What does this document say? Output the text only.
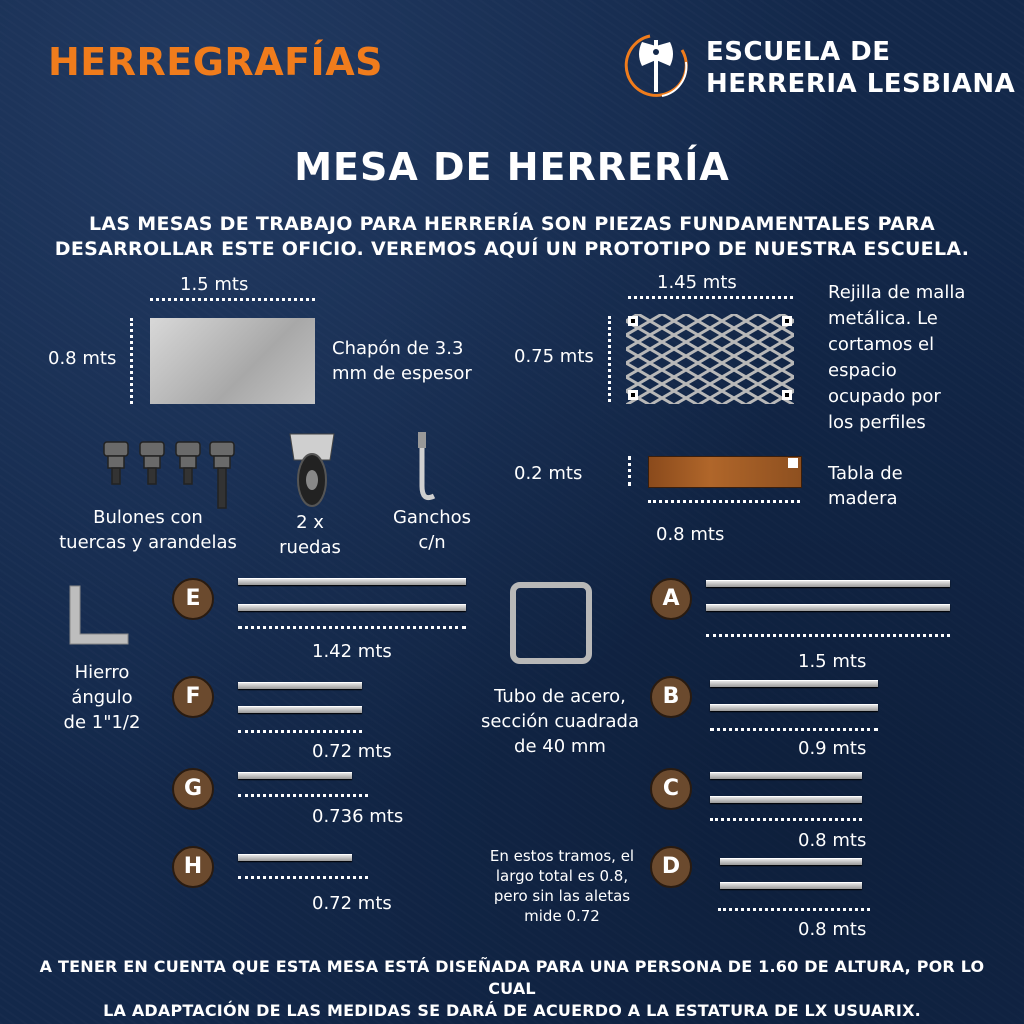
HERREGRAFÍAS	ESCUELA DE
HERRERIA LESBIANA
MESA DE HERRERÍA
LAS MESAS DE TRABAJO PARA HERRERÍA SON PIEZAS FUNDAMENTALES PARA
DESARROLLAR ESTE OFICIO. VEREMOS AQUÍ UN PROTOTIPO DE NUESTRA ESCUELA.
1.5 mts
0.8 mts	Chapón de 3.3
mm de espesor
1.45 mts
0.75 mts
Rejilla de malla
metálica. Le
cortamos el
espacio
ocupado por
los perfiles
0.2 mts
0.8 mts
Tabla de
madera
Bulones con
tuercas y arandelas
2 x
ruedas
Ganchos
c/n
Hierro
ángulo
de 1"1/2
Tubo de acero,
sección cuadrada
de 40 mm
E
1.42 mts
F
0.72 mts
G
0.736 mts
H
0.72 mts
A
1.5 mts
B
0.9 mts
C
0.8 mts
D
0.8 mts
En estos tramos, el
largo total es 0.8,
pero sin las aletas
mide 0.72
A TENER EN CUENTA QUE ESTA MESA ESTÁ DISEÑADA PARA UNA PERSONA DE 1.60 DE ALTURA, POR LO CUAL
LA ADAPTACIÓN DE LAS MEDIDAS SE DARÁ DE ACUERDO A LA ESTATURA DE LX USUARIX.
